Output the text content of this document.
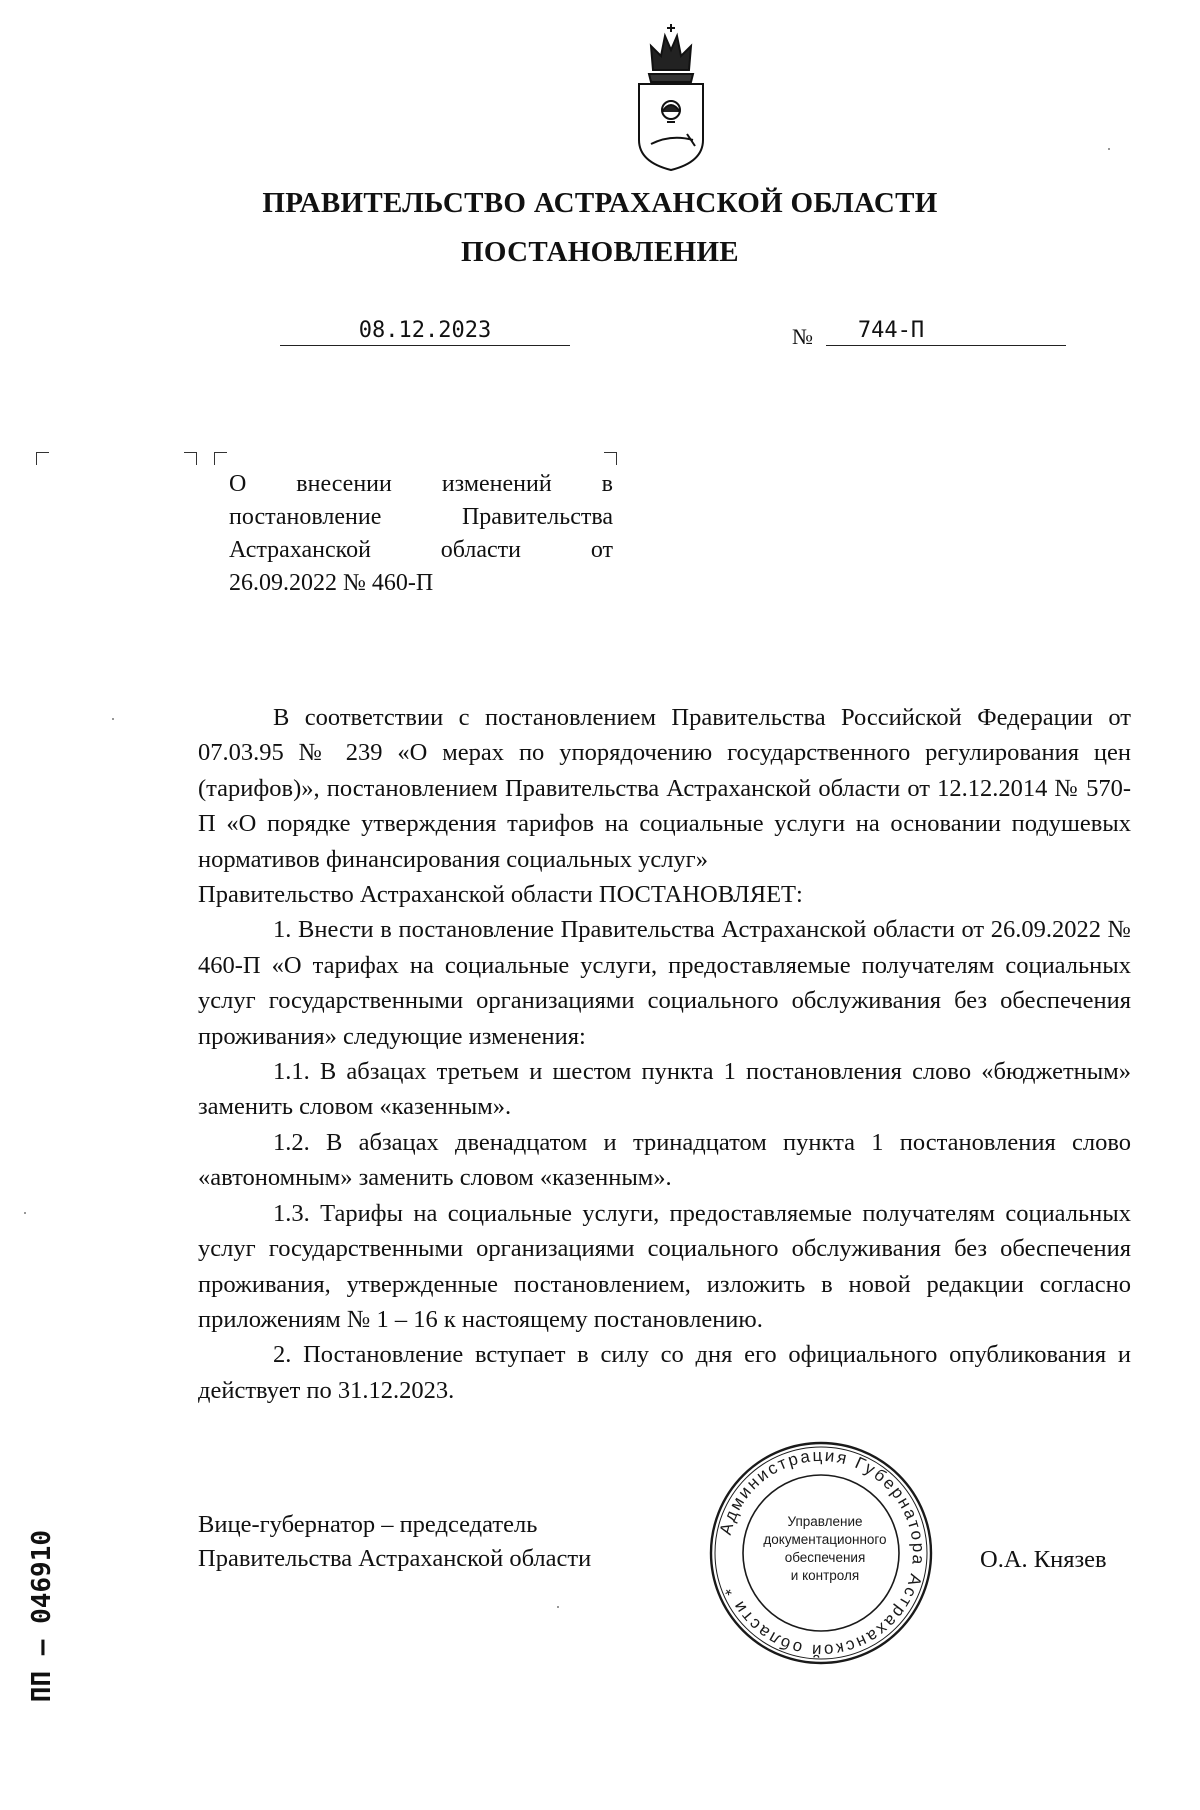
ПРАВИТЕЛЬСТВО АСТРАХАНСКОЙ ОБЛАСТИ
ПОСТАНОВЛЕНИЕ
08.12.2023	№	744-П
О внесении изменений в
постановление Правительства
Астраханской области от
26.09.2022 № 460-П

В соответствии с постановлением Правительства Российской Федерации от 07.03.95 № 239 «О мерах по упорядочению государственного регулирования цен (тарифов)», постановлением Правительства Астраханской области от 12.12.2014 № 570-П «О порядке утверждения тарифов на социальные услуги на основании подушевых нормативов финансирования социальных услуг»

Правительство Астраханской области ПОСТАНОВЛЯЕТ:

1. Внести в постановление Правительства Астраханской области от 26.09.2022 № 460-П «О тарифах на социальные услуги, предоставляемые получателям социальных услуг государственными организациями социального обслуживания без обеспечения проживания» следующие изменения:

1.1. В абзацах третьем и шестом пункта 1 постановления слово «бюджетным» заменить словом «казенным».

1.2. В абзацах двенадцатом и тринадцатом пункта 1 постановления слово «автономным» заменить словом «казенным».

1.3. Тарифы на социальные услуги, предоставляемые получателям социальных услуг государственными организациями социального обслуживания без обеспечения проживания, утвержденные постановлением, изложить в новой редакции согласно приложениям № 1 – 16 к настоящему постановлению.

2. Постановление вступает в силу со дня его официального опубликования и действует по 31.12.2023.

Вице-губернатор – председатель
Правительства Астраханской области	О.А. Князев
Администрация Губернатора Астраханской области *
Управление
документационного
обеспечения
и контроля
ПП – 046910
